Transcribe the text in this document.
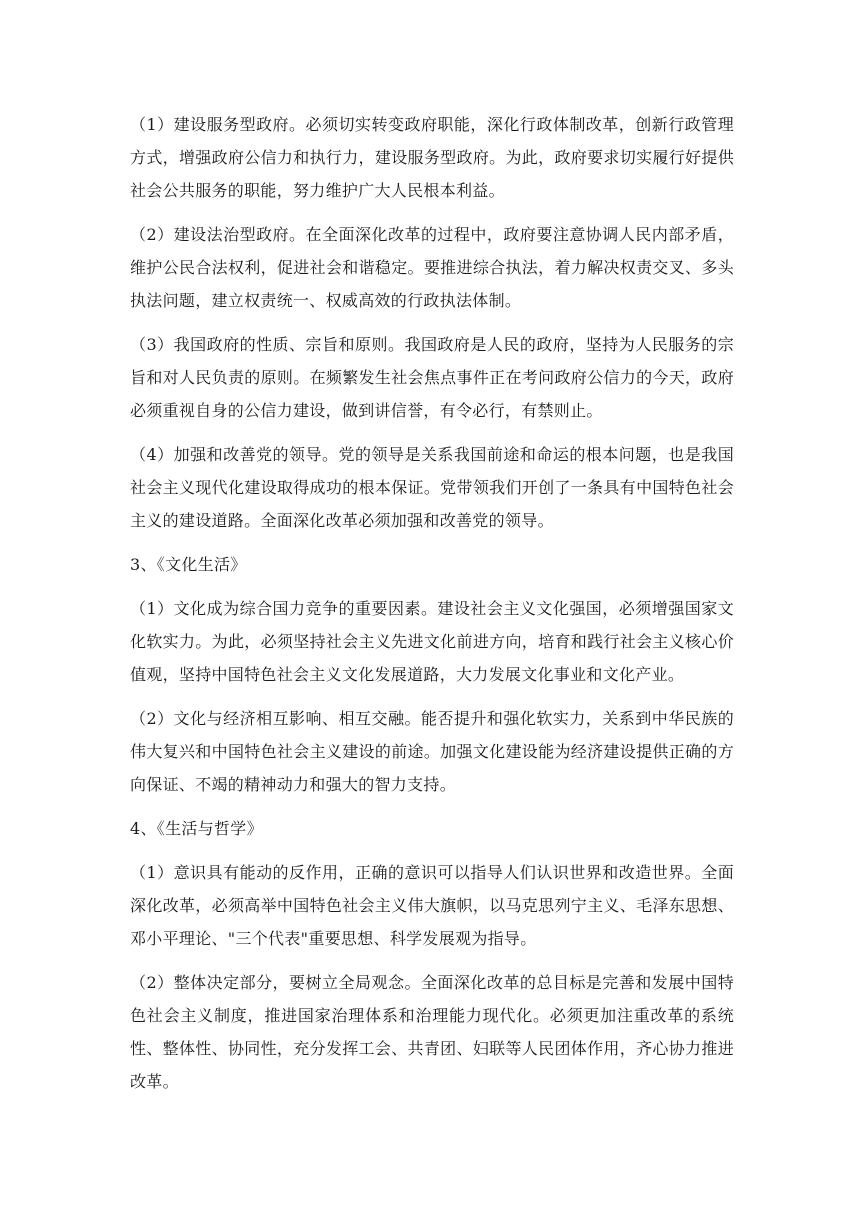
（1）建设服务型政府。必须切实转变政府职能，深化行政体制改革，创新行政管理方式，增强政府公信力和执行力，建设服务型政府。为此，政府要求切实履行好提供社会公共服务的职能，努力维护广大人民根本利益。

（2）建设法治型政府。在全面深化改革的过程中，政府要注意协调人民内部矛盾，维护公民合法权利，促进社会和谐稳定。要推进综合执法，着力解决权责交叉、多头执法问题，建立权责统一、权威高效的行政执法体制。

（3）我国政府的性质、宗旨和原则。我国政府是人民的政府，坚持为人民服务的宗旨和对人民负责的原则。在频繁发生社会焦点事件正在考问政府公信力的今天，政府必须重视自身的公信力建设，做到讲信誉，有令必行，有禁则止。

（4）加强和改善党的领导。党的领导是关系我国前途和命运的根本问题，也是我国社会主义现代化建设取得成功的根本保证。党带领我们开创了一条具有中国特色社会主义的建设道路。全面深化改革必须加强和改善党的领导。

3、《文化生活》

（1）文化成为综合国力竞争的重要因素。建设社会主义文化强国，必须增强国家文化软实力。为此，必须坚持社会主义先进文化前进方向，培育和践行社会主义核心价值观，坚持中国特色社会主义文化发展道路，大力发展文化事业和文化产业。

（2）文化与经济相互影响、相互交融。能否提升和强化软实力，关系到中华民族的伟大复兴和中国特色社会主义建设的前途。加强文化建设能为经济建设提供正确的方向保证、不竭的精神动力和强大的智力支持。

4、《生活与哲学》

（1）意识具有能动的反作用，正确的意识可以指导人们认识世界和改造世界。全面深化改革，必须高举中国特色社会主义伟大旗帜，以马克思列宁主义、毛泽东思想、邓小平理论、"三个代表"重要思想、科学发展观为指导。

（2）整体决定部分，要树立全局观念。全面深化改革的总目标是完善和发展中国特色社会主义制度，推进国家治理体系和治理能力现代化。必须更加注重改革的系统性、整体性、协同性，充分发挥工会、共青团、妇联等人民团体作用，齐心协力推进改革。
